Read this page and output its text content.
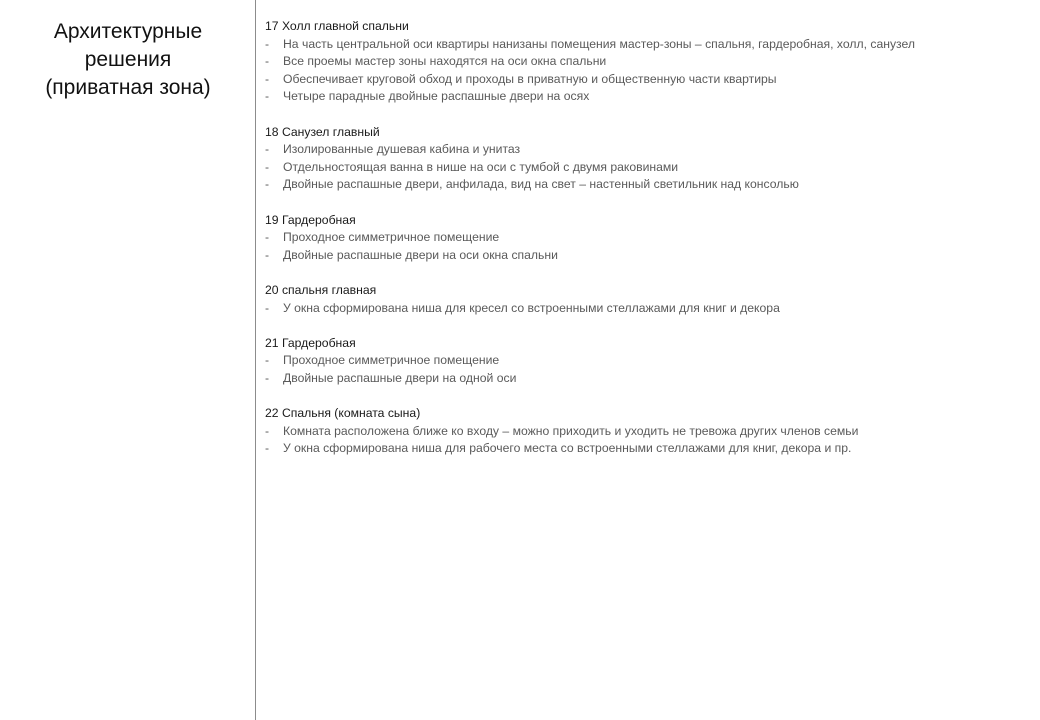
Архитектурные
решения
(приватная зона)
17 Холл главной спальни
- На часть центральной оси квартиры нанизаны помещения мастер-зоны – спальня, гардеробная, холл, санузел
- Все проемы мастер зоны находятся на оси окна спальни
- Обеспечивает круговой обход и проходы в приватную и общественную части квартиры
- Четыре парадные двойные распашные двери на осях
18 Санузел главный
- Изолированные душевая кабина и унитаз
- Отдельностоящая ванна в нише на оси с тумбой с двумя раковинами
- Двойные распашные двери, анфилада, вид на свет – настенный светильник над консолью
19 Гардеробная
- Проходное симметричное помещение
- Двойные распашные двери на оси окна спальни
20 спальня главная
- У окна сформирована ниша для кресел со встроенными стеллажами для книг и декора
21 Гардеробная
- Проходное симметричное помещение
- Двойные распашные двери на одной оси
22 Спальня (комната сына)
- Комната расположена ближе ко входу – можно приходить и уходить не тревожа других членов семьи
- У окна сформирована ниша для рабочего места со встроенными стеллажами для книг, декора и пр.
